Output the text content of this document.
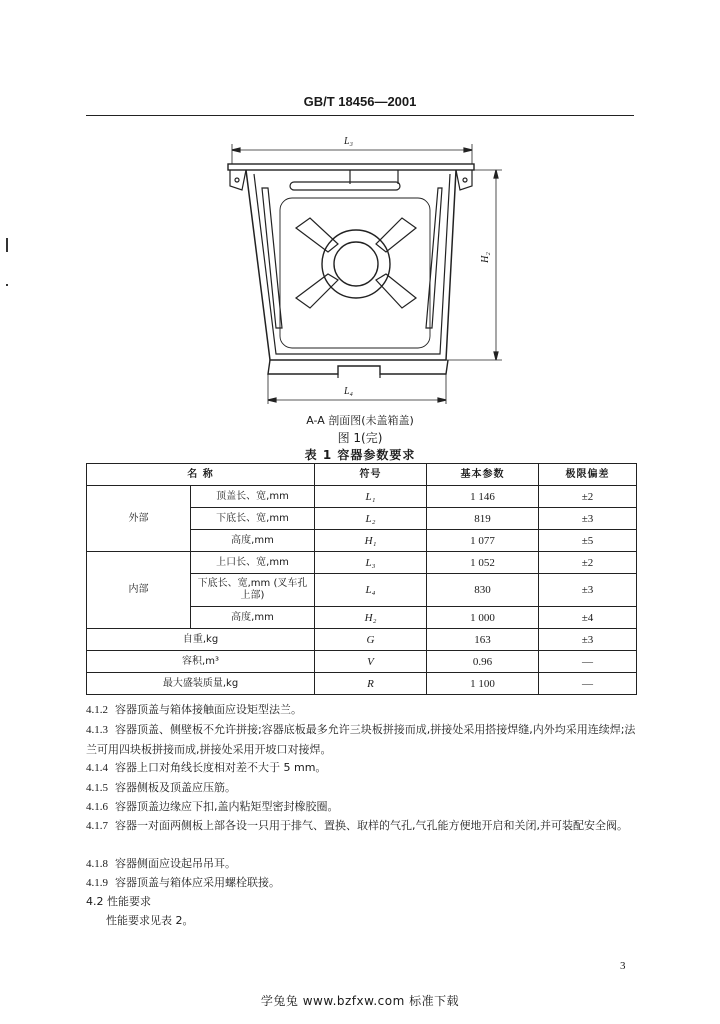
GB/T 18456—2001
L₃
L₄
H₂
A-A 剖面图(未盖箱盖)
图 1(完)
表 1 容器参数要求
名 称		符号	基本参数	极限偏差
外部	顶盖长、宽,mm	L₁	1 146	±2
	下底长、宽,mm	L₂	819	±3
	高度,mm	H₁	1 077	±5
内部	上口长、宽,mm	L₃	1 052	±2
	下底长、宽,mm (叉车孔上部)	L₄	830	±3
	高度,mm	H₂	1 000	±4
自重,kg		G	163	±3
容积,m³		V	0.96	—
最大盛装质量,kg		R	1 100	—
4.1.2 容器顶盖与箱体接触面应设矩型法兰。
4.1.3 容器顶盖、侧壁板不允许拼接;容器底板最多允许三块板拼接而成,拼接处采用搭接焊缝,内外均采用连续焊;法兰可用四块板拼接而成,拼接处采用开坡口对接焊。
4.1.4 容器上口对角线长度相对差不大于 5 mm。
4.1.5 容器侧板及顶盖应压筋。
4.1.6 容器顶盖边缘应下扣,盖内粘矩型密封橡胶圈。
4.1.7 容器一对面两侧板上部各设一只用于排气、置换、取样的气孔,气孔能方便地开启和关闭,并可装配安全阀。
4.1.8 容器侧面应设起吊吊耳。
4.1.9 容器顶盖与箱体应采用螺栓联接。
4.2 性能要求
性能要求见表 2。
3
学兔兔 www.bzfxw.com 标准下载
